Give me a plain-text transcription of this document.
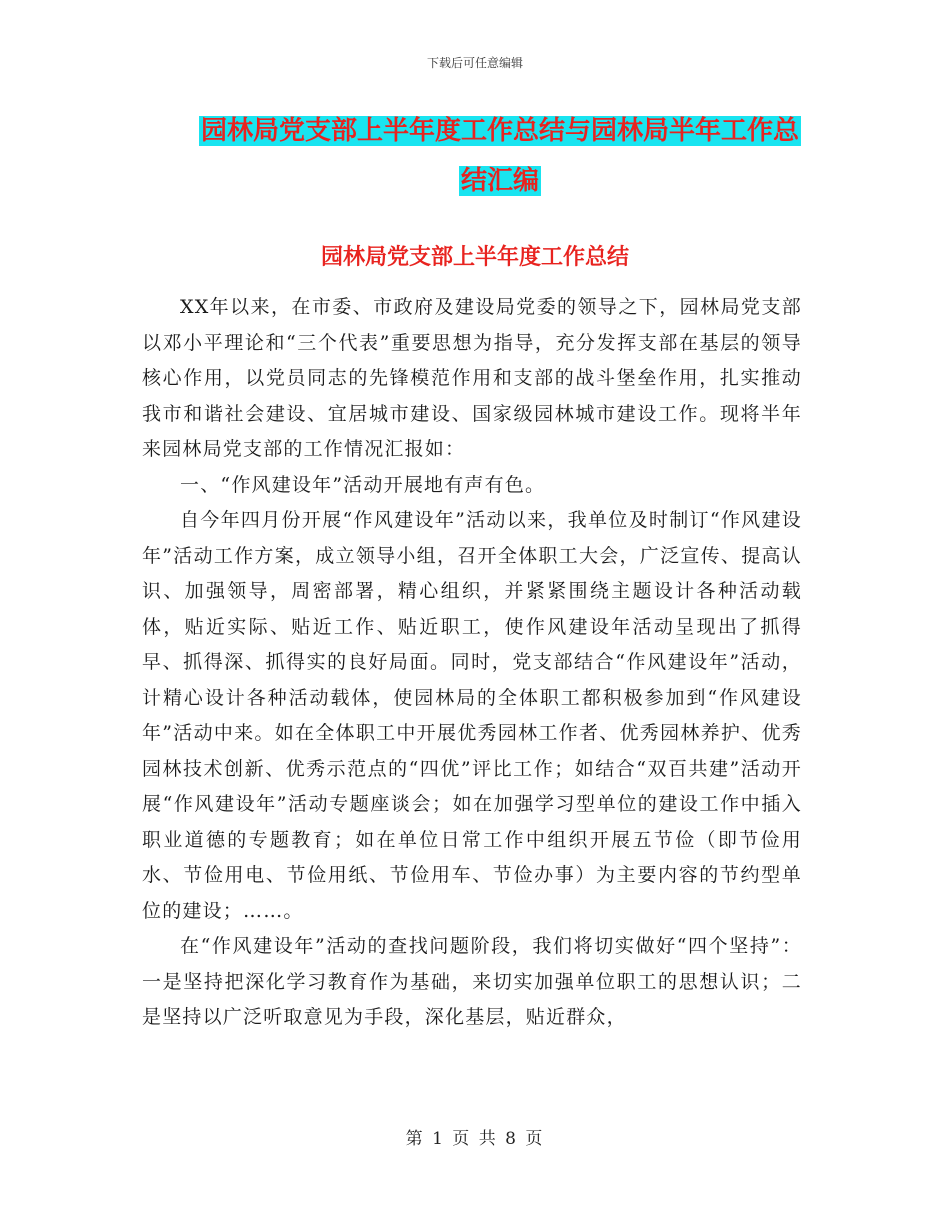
下载后可任意编辑
园林局党支部上半年度工作总结与园林局半年工作总
结汇编
园林局党支部上半年度工作总结

XX年以来，在市委、市政府及建设局党委的领导之下，园林局党支部以邓小平理论和“三个代表”重要思想为指导，充分发挥支部在基层的领导核心作用，以党员同志的先锋模范作用和支部的战斗堡垒作用，扎实推动我市和谐社会建设、宜居城市建设、国家级园林城市建设工作。现将半年来园林局党支部的工作情况汇报如：

一、“作风建设年”活动开展地有声有色。

自今年四月份开展“作风建设年”活动以来，我单位及时制订“作风建设年”活动工作方案，成立领导小组，召开全体职工大会，广泛宣传、提高认识、加强领导，周密部署，精心组织，并紧紧围绕主题设计各种活动载体，贴近实际、贴近工作、贴近职工，使作风建设年活动呈现出了抓得早、抓得深、抓得实的良好局面。同时，党支部结合“作风建设年”活动，计精心设计各种活动载体，使园林局的全体职工都积极参加到“作风建设年”活动中来。如在全体职工中开展优秀园林工作者、优秀园林养护、优秀园林技术创新、优秀示范点的“四优”评比工作；如结合“双百共建”活动开展“作风建设年”活动专题座谈会；如在加强学习型单位的建设工作中插入职业道德的专题教育；如在单位日常工作中组织开展五节俭（即节俭用水、节俭用电、节俭用纸、节俭用车、节俭办事）为主要内容的节约型单位的建设；……。

在“作风建设年”活动的查找问题阶段，我们将切实做好“四个坚持”：一是坚持把深化学习教育作为基础，来切实加强单位职工的思想认识；二是坚持以广泛听取意见为手段，深化基层，贴近群众，

第 1 页 共 8 页
